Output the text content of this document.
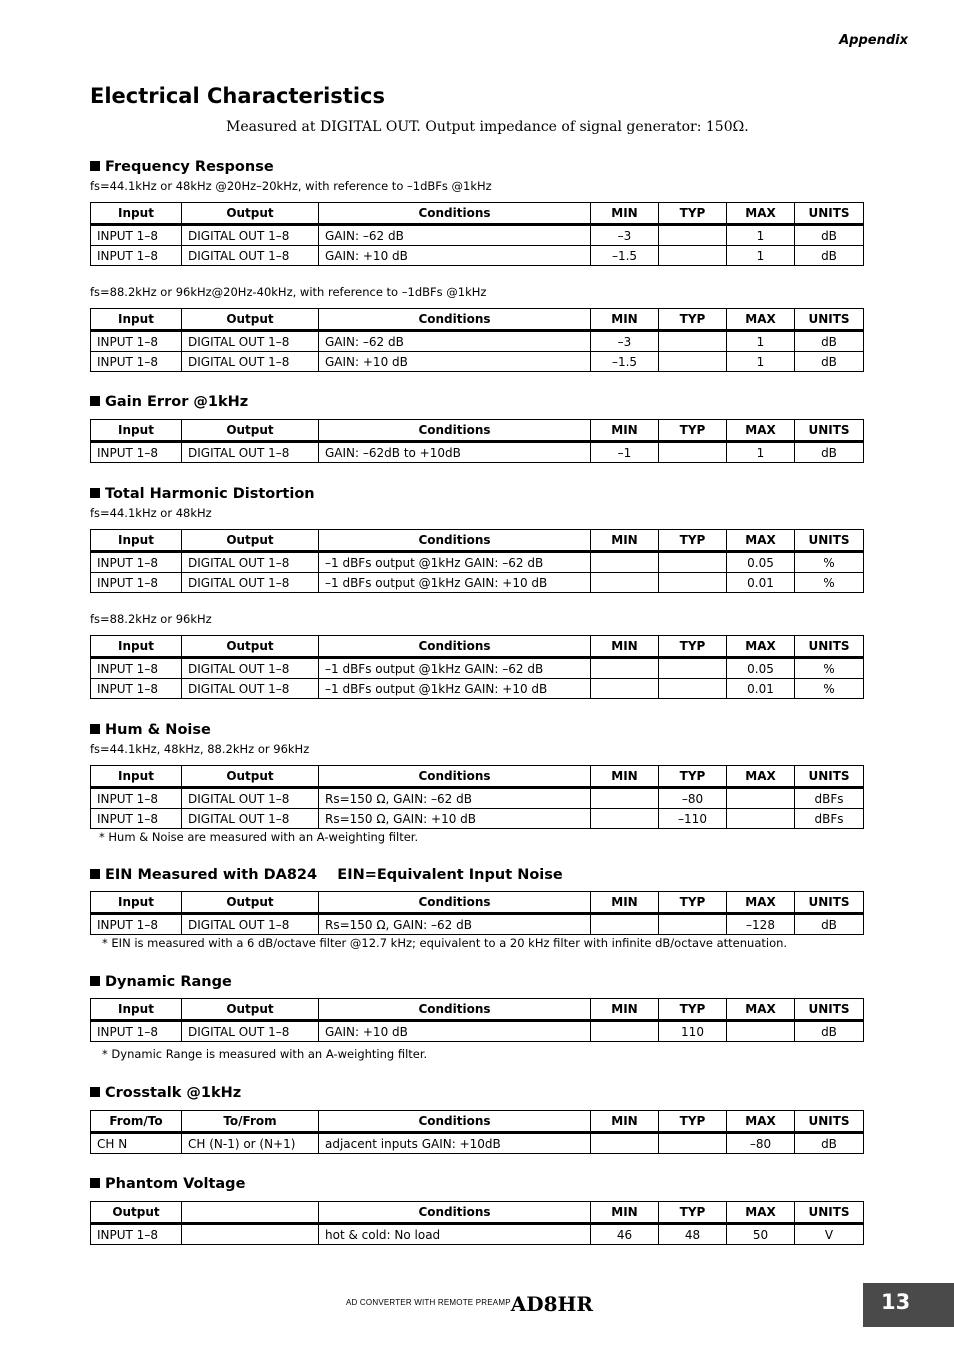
Appendix
Electrical Characteristics
Measured at DIGITAL OUT. Output impedance of signal generator: 150Ω.
Frequency Response
fs=44.1kHz or 48kHz @20Hz–20kHz, with reference to –1dBFs @1kHz
Input	Output	Conditions	MIN	TYP	MAX	UNITS
INPUT 1–8	DIGITAL OUT 1–8	GAIN: –62 dB	–3		1	dB
INPUT 1–8	DIGITAL OUT 1–8	GAIN: +10 dB	–1.5		1	dB
fs=88.2kHz or 96kHz@20Hz-40kHz, with reference to –1dBFs @1kHz
Input	Output	Conditions	MIN	TYP	MAX	UNITS
INPUT 1–8	DIGITAL OUT 1–8	GAIN: –62 dB	–3		1	dB
INPUT 1–8	DIGITAL OUT 1–8	GAIN: +10 dB	–1.5		1	dB
Gain Error @1kHz
Input	Output	Conditions	MIN	TYP	MAX	UNITS
INPUT 1–8	DIGITAL OUT 1–8	GAIN: –62dB to +10dB	–1		1	dB
Total Harmonic Distortion
fs=44.1kHz or 48kHz
Input	Output	Conditions	MIN	TYP	MAX	UNITS
INPUT 1–8	DIGITAL OUT 1–8	–1 dBFs output @1kHz GAIN: –62 dB			0.05	%
INPUT 1–8	DIGITAL OUT 1–8	–1 dBFs output @1kHz GAIN: +10 dB			0.01	%
fs=88.2kHz or 96kHz
Input	Output	Conditions	MIN	TYP	MAX	UNITS
INPUT 1–8	DIGITAL OUT 1–8	–1 dBFs output @1kHz GAIN: –62 dB			0.05	%
INPUT 1–8	DIGITAL OUT 1–8	–1 dBFs output @1kHz GAIN: +10 dB			0.01	%
Hum & Noise
fs=44.1kHz, 48kHz, 88.2kHz or 96kHz
Input	Output	Conditions	MIN	TYP	MAX	UNITS
INPUT 1–8	DIGITAL OUT 1–8	Rs=150 Ω, GAIN: –62 dB		–80		dBFs
INPUT 1–8	DIGITAL OUT 1–8	Rs=150 Ω, GAIN: +10 dB		–110		dBFs
* Hum & Noise are measured with an A-weighting filter.
EIN Measured with DA824    EIN=Equivalent Input Noise
Input	Output	Conditions	MIN	TYP	MAX	UNITS
INPUT 1–8	DIGITAL OUT 1–8	Rs=150 Ω, GAIN: –62 dB			–128	dB
* EIN is measured with a 6 dB/octave filter @12.7 kHz; equivalent to a 20 kHz filter with infinite dB/octave attenuation.
Dynamic Range
Input	Output	Conditions	MIN	TYP	MAX	UNITS
INPUT 1–8	DIGITAL OUT 1–8	GAIN: +10 dB		110		dB
* Dynamic Range is measured with an A-weighting filter.
Crosstalk @1kHz
From/To	To/From	Conditions	MIN	TYP	MAX	UNITS
CH N	CH (N-1) or (N+1)	adjacent inputs GAIN: +10dB			–80	dB
Phantom Voltage
Output		Conditions	MIN	TYP	MAX	UNITS
INPUT 1–8		hot & cold: No load	46	48	50	V
$^{AD CONVERTER WITH REMOTE PREAMP}$AD8HR	13
